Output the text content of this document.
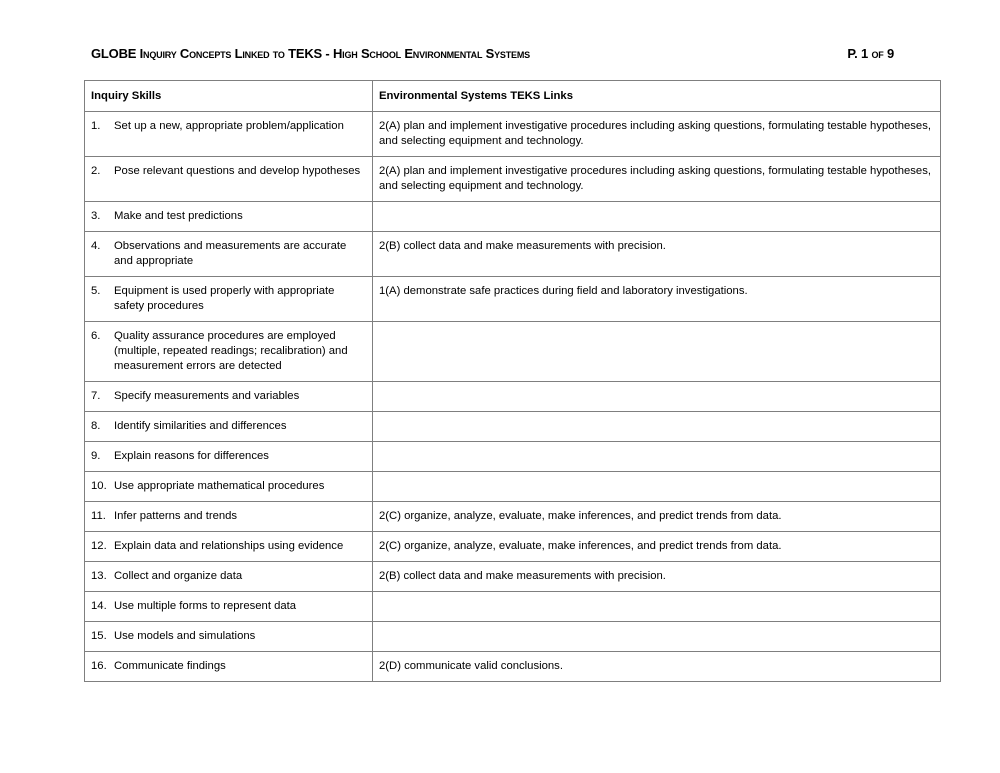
GLOBE Inquiry Concepts Linked to TEKS - High School Environmental Systems	P. 1 of 9
Inquiry Skills	Environmental Systems TEKS Links

1. Set up a new, appropriate problem/application	2(A) plan and implement investigative procedures including asking questions, formulating testable hypotheses, and selecting equipment and technology.

2. Pose relevant questions and develop hypotheses	2(A) plan and implement investigative procedures including asking questions, formulating testable hypotheses, and selecting equipment and technology.

3. Make and test predictions	

4. Observations and measurements are accurate and appropriate	2(B) collect data and make measurements with precision.

5. Equipment is used properly with appropriate safety procedures	1(A) demonstrate safe practices during field and laboratory investigations.

6. Quality assurance procedures are employed (multiple, repeated readings; recalibration) and measurement errors are detected	

7. Specify measurements and variables	

8. Identify similarities and differences	

9. Explain reasons for differences	

10. Use appropriate mathematical procedures	

11. Infer patterns and trends	2(C) organize, analyze, evaluate, make inferences, and predict trends from data.

12. Explain data and relationships using evidence	2(C) organize, analyze, evaluate, make inferences, and predict trends from data.

13. Collect and organize data	2(B) collect data and make measurements with precision.

14. Use multiple forms to represent data	

15. Use models and simulations	

16. Communicate findings	2(D) communicate valid conclusions.
